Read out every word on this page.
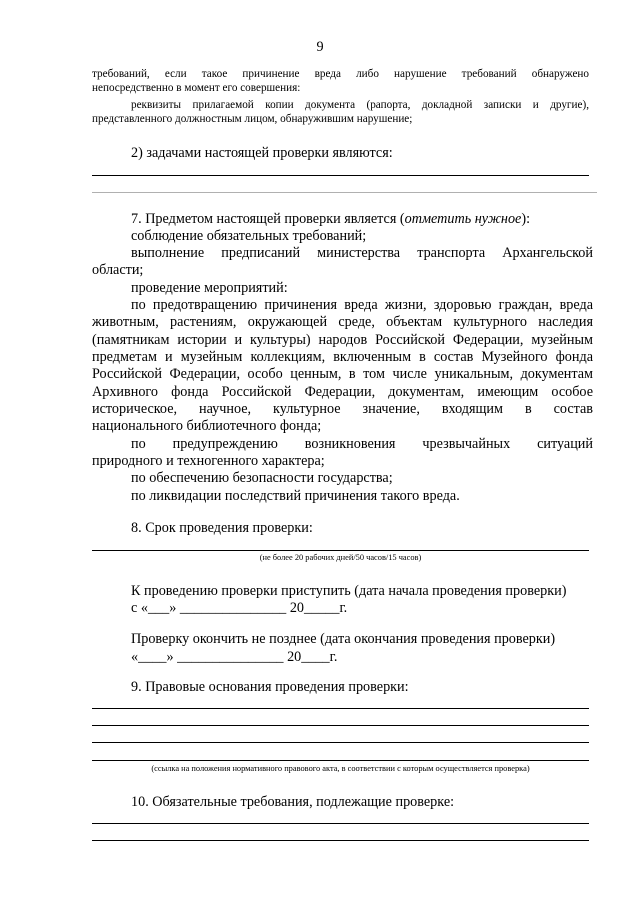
9
требований, если такое причинение вреда либо нарушение требований обнаружено
непосредственно в момент его совершения:
реквизиты прилагаемой копии документа (рапорта, докладной записки и другие),
представленного должностным лицом, обнаружившим нарушение;
2) задачами настоящей проверки являются:
7. Предметом настоящей проверки является (отметить нужное):
соблюдение обязательных требований;
выполнение предписаний министерства транспорта Архангельской
области;
проведение мероприятий:
по предотвращению причинения вреда жизни, здоровью граждан, вреда
животным, растениям, окружающей среде, объектам культурного наследия
(памятникам истории и культуры) народов Российской Федерации, музейным
предметам и музейным коллекциям, включенным в состав Музейного фонда
Российской Федерации, особо ценным, в том числе уникальным, документам
Архивного фонда Российской Федерации, документам, имеющим особое
историческое, научное, культурное значение, входящим в состав
национального библиотечного фонда;
по предупреждению возникновения чрезвычайных ситуаций
природного и техногенного характера;
по обеспечению безопасности государства;
по ликвидации последствий причинения такого вреда.
8. Срок проведения проверки:
(не более 20 рабочих дней/50 часов/15 часов)
К проведению проверки приступить (дата начала проведения проверки)
с «___» _______________ 20_____г.
Проверку окончить не позднее (дата окончания проведения проверки)
«____» _______________ 20____г.
9. Правовые основания проведения проверки:
(ссылка на положения нормативного правового акта, в соответствии с которым осуществляется проверка)
10. Обязательные требования, подлежащие проверке:
